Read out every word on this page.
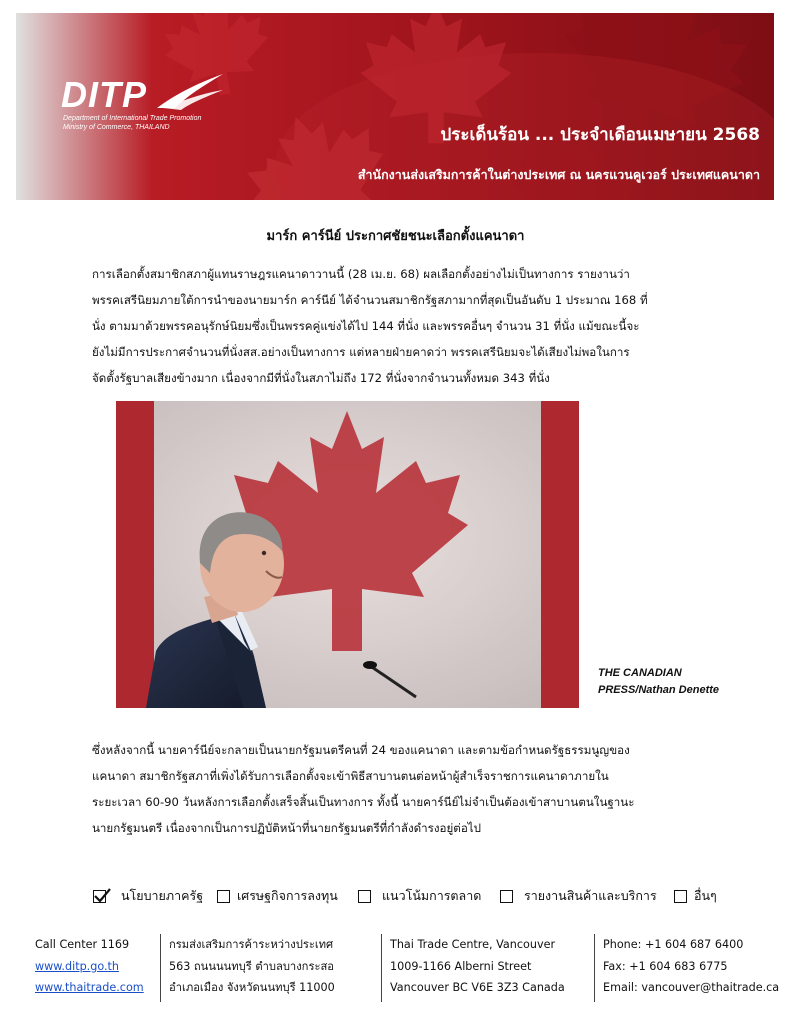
DITP
Department of International Trade Promotion
Ministry of Commerce, THAILAND	ประเด็นร้อน ... ประจำเดือนเมษายน 2568
สำนักงานส่งเสริมการค้าในต่างประเทศ ณ นครแวนคูเวอร์ ประเทศแคนาดา
มาร์ก คาร์นีย์ ประกาศชัยชนะเลือกตั้งแคนาดา

การเลือกตั้งสมาชิกสภาผู้แทนราษฎรแคนาดาวานนี้ (28 เม.ย. 68) ผลเลือกตั้งอย่างไม่เป็นทางการ รายงานว่า
พรรคเสรีนิยมภายใต้การนำของนายมาร์ก คาร์นีย์ ได้จำนวนสมาชิกรัฐสภามากที่สุดเป็นอันดับ 1 ประมาณ 168 ที่
นั่ง ตามมาด้วยพรรคอนุรักษ์นิยมซึ่งเป็นพรรคคู่แข่งได้ไป 144 ที่นั่ง และพรรคอื่นๆ จำนวน 31 ที่นั่ง แม้ขณะนี้จะ
ยังไม่มีการประกาศจำนวนที่นั่งสส.อย่างเป็นทางการ แต่หลายฝ่ายคาดว่า พรรคเสรีนิยมจะได้เสียงไม่พอในการ
จัดตั้งรัฐบาลเสียงข้างมาก เนื่องจากมีที่นั่งในสภาไม่ถึง 172 ที่นั่งจากจำนวนทั้งหมด 343 ที่นั่ง

THE CANADIAN
PRESS/Nathan Denette

ซึ่งหลังจากนี้ นายคาร์นีย์จะกลายเป็นนายกรัฐมนตรีคนที่ 24 ของแคนาดา และตามข้อกำหนดรัฐธรรมนูญของ
แคนาดา สมาชิกรัฐสภาที่เพิ่งได้รับการเลือกตั้งจะเข้าพิธีสาบานตนต่อหน้าผู้สำเร็จราชการแคนาดาภายใน
ระยะเวลา 60-90 วันหลังการเลือกตั้งเสร็จสิ้นเป็นทางการ ทั้งนี้ นายคาร์นีย์ไม่จำเป็นต้องเข้าสาบานตนในฐานะ
นายกรัฐมนตรี เนื่องจากเป็นการปฏิบัติหน้าที่นายกรัฐมนตรีที่กำลังดำรงอยู่ต่อไป

นโยบายภาครัฐ	เศรษฐกิจการลงทุน	แนวโน้มการตลาด	รายงานสินค้าและบริการ	อื่นๆ
Call Center 1169
www.ditp.go.th
www.thaitrade.com
กรมส่งเสริมการค้าระหว่างประเทศ
563 ถนนนนทบุรี ตำบลบางกระสอ
อำเภอเมือง จังหวัดนนทบุรี 11000
Thai Trade Centre, Vancouver
1009-1166 Alberni Street
Vancouver BC V6E 3Z3 Canada
Phone: +1 604 687 6400
Fax: +1 604 683 6775
Email: vancouver@thaitrade.ca
